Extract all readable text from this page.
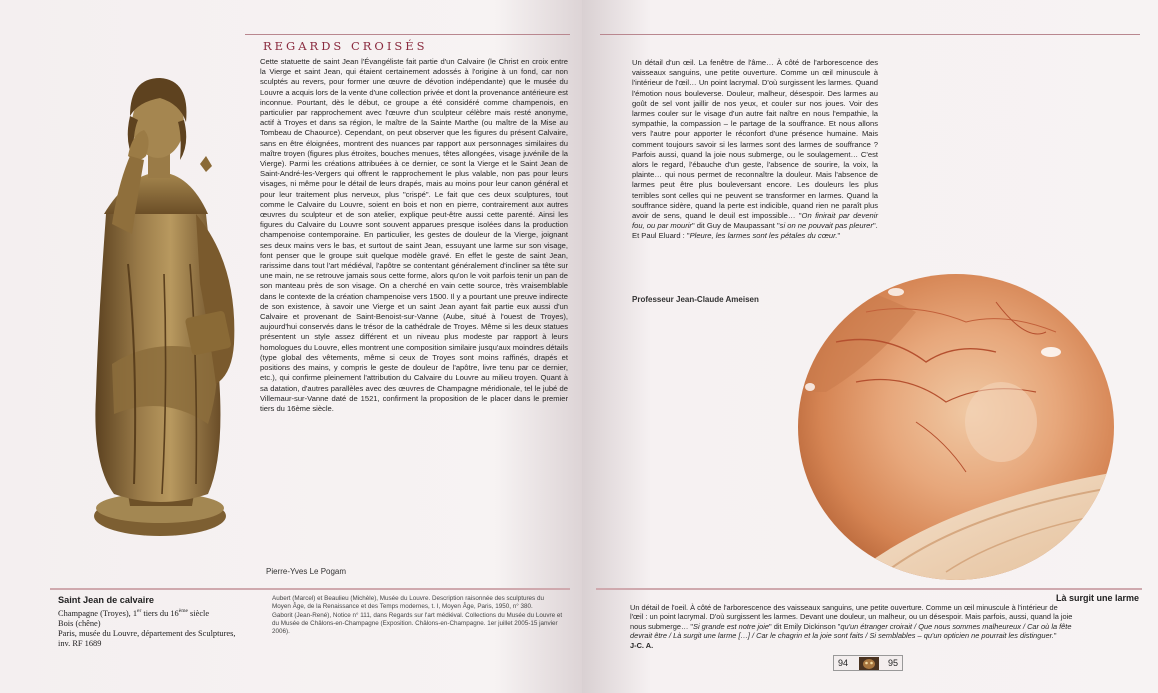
REGARDS CROISÉS

Cette statuette de saint Jean l'Évangéliste fait partie d'un Calvaire (le Christ en croix entre la Vierge et saint Jean, qui étaient certainement adossés à l'origine à un fond, car non sculptés au revers, pour former une œuvre de dévotion indépendante) que le musée du Louvre a acquis lors de la vente d'une collection privée et dont la provenance antérieure est inconnue. Pourtant, dès le début, ce groupe a été considéré comme champenois, en particulier par rapprochement avec l'œuvre d'un sculpteur célèbre mais resté anonyme, actif à Troyes et dans sa région, le maître de la Sainte Marthe (ou maître de la Mise au Tombeau de Chaource). Cependant, on peut observer que les figures du présent Calvaire, sans en être éloignées, montrent des nuances par rapport aux personnages similaires du maître troyen (figures plus étroites, bouches menues, têtes allongées, visage juvénile de la Vierge). Parmi les créations attribuées à ce dernier, ce sont la Vierge et le Saint Jean de Saint-André-les-Vergers qui offrent le rapprochement le plus valable, non pas pour leurs visages, ni même pour le détail de leurs drapés, mais au moins pour leur canon général et pour leur traitement plus nerveux, plus "crispé". Le fait que ces deux sculptures, tout comme le Calvaire du Louvre, soient en bois et non en pierre, contrairement aux autres œuvres du sculpteur et de son atelier, explique peut-être aussi cette parenté. Ainsi les figures du Calvaire du Louvre sont souvent apparues presque isolées dans la production champenoise contemporaine. En particulier, les gestes de douleur de la Vierge, joignant ses deux mains vers le bas, et surtout de saint Jean, essuyant une larme sur son visage, font penser que le groupe suit quelque modèle gravé. En effet le geste de saint Jean, rarissime dans tout l'art médiéval, l'apôtre se contentant généralement d'incliner sa tête sur une main, ne se retrouve jamais sous cette forme, alors qu'on le voit parfois tenir un pan de son manteau près de son visage. On a cherché en vain cette source, très vraisemblable dans le contexte de la création champenoise vers 1500. Il y a pourtant une preuve indirecte de son existence, à savoir une Vierge et un saint Jean ayant fait partie eux aussi d'un Calvaire et provenant de Saint-Benoist-sur-Vanne (Aube, situé à l'ouest de Troyes), aujourd'hui conservés dans le trésor de la cathédrale de Troyes. Même si les deux statues présentent un style assez différent et un niveau plus modeste par rapport à leurs homologues du Louvre, elles montrent une composition similaire jusqu'aux moindres détails (type global des vêtements, même si ceux de Troyes sont moins raffinés, drapés et positions des mains, y compris le geste de douleur de l'apôtre, livre tenu par ce dernier, etc.), qui confirme pleinement l'attribution du Calvaire du Louvre au milieu troyen. Quant à sa datation, d'autres parallèles avec des œuvres de Champagne méridionale, tel le jubé de Villemaur-sur-Vanne daté de 1521, confirment la proposition de le placer dans le premier tiers du 16ème siècle.

Pierre-Yves Le Pogam
Saint Jean de calvaire
Champagne (Troyes), 1er tiers du 16ème siècle
Bois (chêne)
Paris, musée du Louvre, département des Sculptures,
inv. RF 1689

Aubert (Marcel) et Beaulieu (Michèle), Musée du Louvre. Description raisonnée des sculptures du Moyen Âge, de la Renaissance et des Temps modernes, t. I, Moyen Âge, Paris, 1950, n° 380.

Gaborit (Jean-René), Notice n° 111, dans Regards sur l'art médiéval. Collections du Musée du Louvre et du Musée de Châlons-en-Champagne (Exposition. Châlons-en-Champagne. 1er juillet 2005-15 janvier 2006).

Un détail d'un œil. La fenêtre de l'âme… À côté de l'arborescence des vaisseaux sanguins, une petite ouverture. Comme un œil minuscule à l'intérieur de l'œil… Un point lacrymal. D'où surgissent les larmes. Quand l'émotion nous bouleverse. Douleur, malheur, désespoir. Des larmes au goût de sel vont jaillir de nos yeux, et couler sur nos joues. Voir des larmes couler sur le visage d'un autre fait naître en nous l'empathie, la sympathie, la compassion – le partage de la souffrance. Et nous allons vers l'autre pour apporter le réconfort d'une présence humaine. Mais comment toujours savoir si les larmes sont des larmes de souffrance ? Parfois aussi, quand la joie nous submerge, ou le soulagement… C'est alors le regard, l'ébauche d'un geste, l'absence de sourire, la voix, la plainte… qui nous permet de reconnaître la douleur. Mais l'absence de larmes peut être plus bouleversant encore. Les douleurs les plus terribles sont celles qui ne peuvent se transformer en larmes. Quand la souffrance sidère, quand la perte est indicible, quand rien ne paraît plus avoir de sens, quand le deuil est impossible… "On finirait par devenir fou, ou par mourir" dit Guy de Maupassant "si on ne pouvait pas pleurer".
Et Paul Eluard : "Pleure, les larmes sont les pétales du cœur."
Professeur Jean-Claude Ameisen
Là surgit une larme
Un détail de l'oeil. À côté de l'arborescence des vaisseaux sanguins, une petite ouverture. Comme un œil minuscule à l'intérieur de
l'œil : un point lacrymal. D'où surgissent les larmes. Devant une douleur, un malheur, ou un désespoir. Mais parfois, aussi, quand la joie
nous submerge… "Si grande est notre joie" dit Emily Dickinson "qu'un étranger croirait / Que nous sommes malheureux / Car où la fête
devrait être / Là surgit une larme […] / Car le chagrin et la joie sont faits / Si semblables – qu'un opticien ne pourrait les distinguer."
J-C. A.
94	95
